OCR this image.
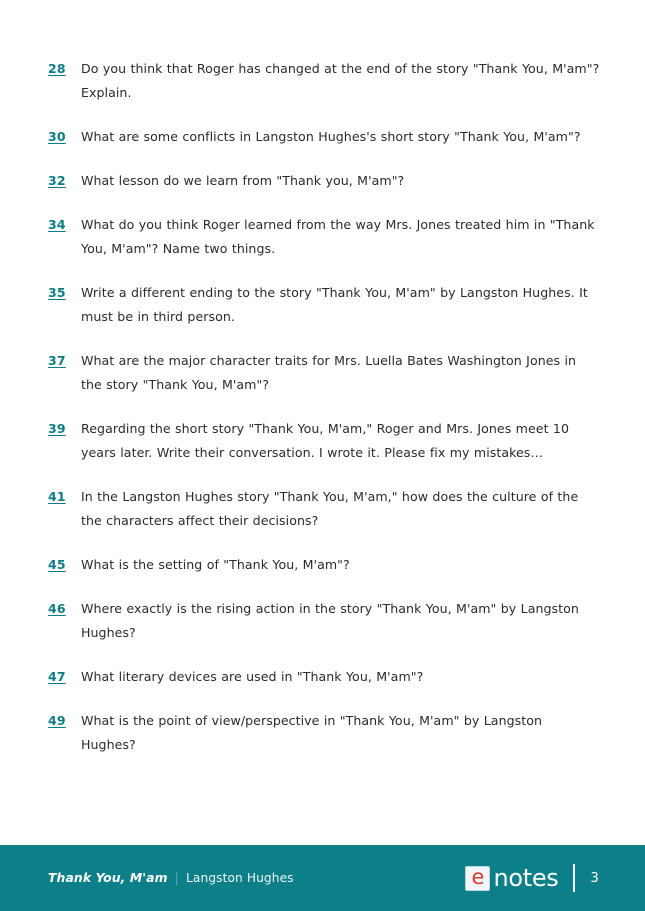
28	Do you think that Roger has changed at the end of the story "Thank You, M'am"? Explain.
30	What are some conflicts in Langston Hughes's short story "Thank You, M'am"?
32	What lesson do we learn from "Thank you, M'am"?
34	What do you think Roger learned from the way Mrs. Jones treated him in "Thank You, M'am"? Name two things.
35	Write a different ending to the story "Thank You, M'am" by Langston Hughes. It must be in third person.
37	What are the major character traits for Mrs. Luella Bates Washington Jones in the story "Thank You, M'am"?
39	Regarding the short story "Thank You, M'am," Roger and Mrs. Jones meet 10 years later. Write their conversation. I wrote it. Please fix my mistakes…
41	In the Langston Hughes story "Thank You, M'am," how does the culture of the the characters affect their decisions?
45	What is the setting of "Thank You, M'am"?
46	Where exactly is the rising action in the story "Thank You, M'am" by Langston Hughes?
47	What literary devices are used in "Thank You, M'am"?
49	What is the point of view/perspective in "Thank You, M'am" by Langston Hughes?
Thank You, M'am | Langston Hughes	e notes 3
